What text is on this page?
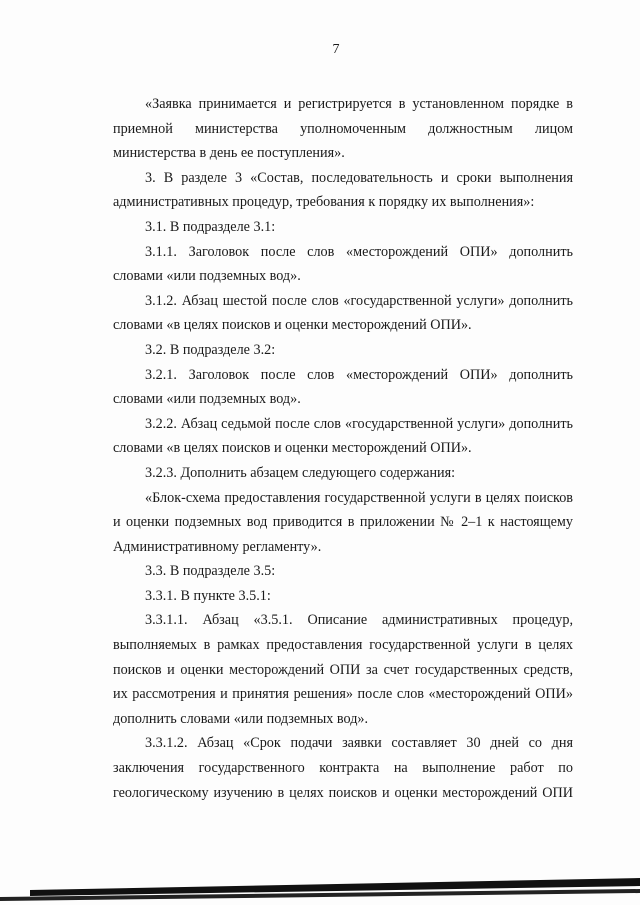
7

«Заявка принимается и регистрируется в установленном порядке в приемной министерства уполномоченным должностным лицом министерства в день ее поступления».

3. В разделе 3 «Состав, последовательность и сроки выполнения административных процедур, требования к порядку их выполнения»:

3.1. В подразделе 3.1:

3.1.1. Заголовок после слов «месторождений ОПИ» дополнить словами «или подземных вод».

3.1.2. Абзац шестой после слов «государственной услуги» дополнить словами «в целях поисков и оценки месторождений ОПИ».

3.2. В подразделе 3.2:

3.2.1. Заголовок после слов «месторождений ОПИ» дополнить словами «или подземных вод».

3.2.2. Абзац седьмой после слов «государственной услуги» дополнить словами «в целях поисков и оценки месторождений ОПИ».

3.2.3. Дополнить абзацем следующего содержания:

«Блок-схема предоставления государственной услуги в целях поисков и оценки подземных вод приводится в приложении № 2–1 к настоящему Административному регламенту».

3.3. В подразделе 3.5:

3.3.1. В пункте 3.5.1:

3.3.1.1. Абзац «3.5.1. Описание административных процедур, выполняемых в рамках предоставления государственной услуги в целях поисков и оценки месторождений ОПИ за счет государственных средств, их рассмотрения и принятия решения» после слов «месторождений ОПИ» дополнить словами «или подземных вод».

3.3.1.2. Абзац «Срок подачи заявки составляет 30 дней со дня заключения государственного контракта на выполнение работ по геологическому изучению в целях поисков и оценки месторождений ОПИ
